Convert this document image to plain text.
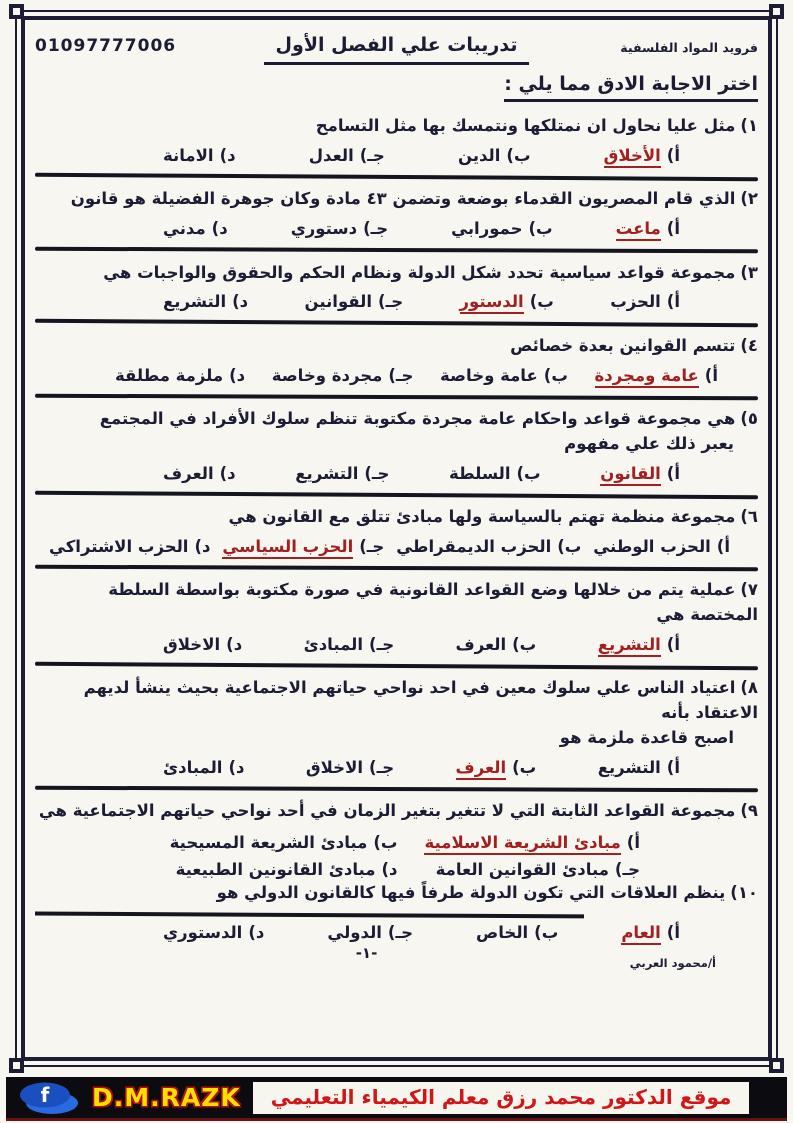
فرويد المواد الفلسفية
تدريبات علي الفصل الأول
01097777006
اختر الاجابة الادق مما يلي :
١)مثل عليا نحاول ان نمتلكها ونتمسك بها مثل التسامح
أ)الأخلاق
ب)الدين
جـ)العدل
د)الامانة
٢)الذي قام المصريون القدماء بوضعة وتضمن ٤٣ مادة وكان جوهرة الفضيلة هو قانون
أ)ماعت
ب)حمورابي
جـ)دستوري
د)مدني
٣)مجموعة قواعد سياسية تحدد شكل الدولة ونظام الحكم والحقوق والواجبات هي
أ)الحزب
ب)الدستور
جـ)القوانين
د)التشريع
٤)تتسم القوانين بعدة خصائص
أ)عامة ومجردة
ب)عامة وخاصة
جـ)مجردة وخاصة
د)ملزمة مطلقة
٥)هي مجموعة قواعد واحكام عامة مجردة مكتوبة تنظم سلوك الأفراد في المجتمع
يعبر ذلك علي مفهوم
أ)القانون
ب)السلطة
جـ)التشريع
د)العرف
٦)مجموعة منظمة تهتم بالسياسة ولها مبادئ تتلق مع القانون هي
أ)الحزب الوطني
ب)الحزب الديمقراطي
جـ)الحزب السياسي
د)الحزب الاشتراكي
٧)عملية يتم من خلالها وضع القواعد القانونية في صورة مكتوبة بواسطة السلطة المختصة هي
أ)التشريع
ب)العرف
جـ)المبادئ
د)الاخلاق
٨)اعتياد الناس علي سلوك معين في احد نواحي حياتهم الاجتماعية بحيث ينشأ لديهم الاعتقاد بأنه
اصبح قاعدة ملزمة هو
أ)التشريع
ب)العرف
جـ)الاخلاق
د)المبادئ
٩)مجموعة القواعد الثابتة التي لا تتغير بتغير الزمان في أحد نواحي حياتهم الاجتماعية هي
أ)مبادئ الشريعة الاسلامية
ب)مبادئ الشريعة المسيحية
جـ)مبادئ القوانين العامة
د)مبادئ القانونين الطبيعية
١٠)ينظم العلاقات التي تكون الدولة طرفاً فيها كالقانون الدولي هو
أ)العام
ب)الخاص
جـ)الدولي
د)الدستوري
-١-
أ/محمود العربي
f D.M.RAZK	موقع الدكتور محمد رزق معلم الكيمياء التعليمي
